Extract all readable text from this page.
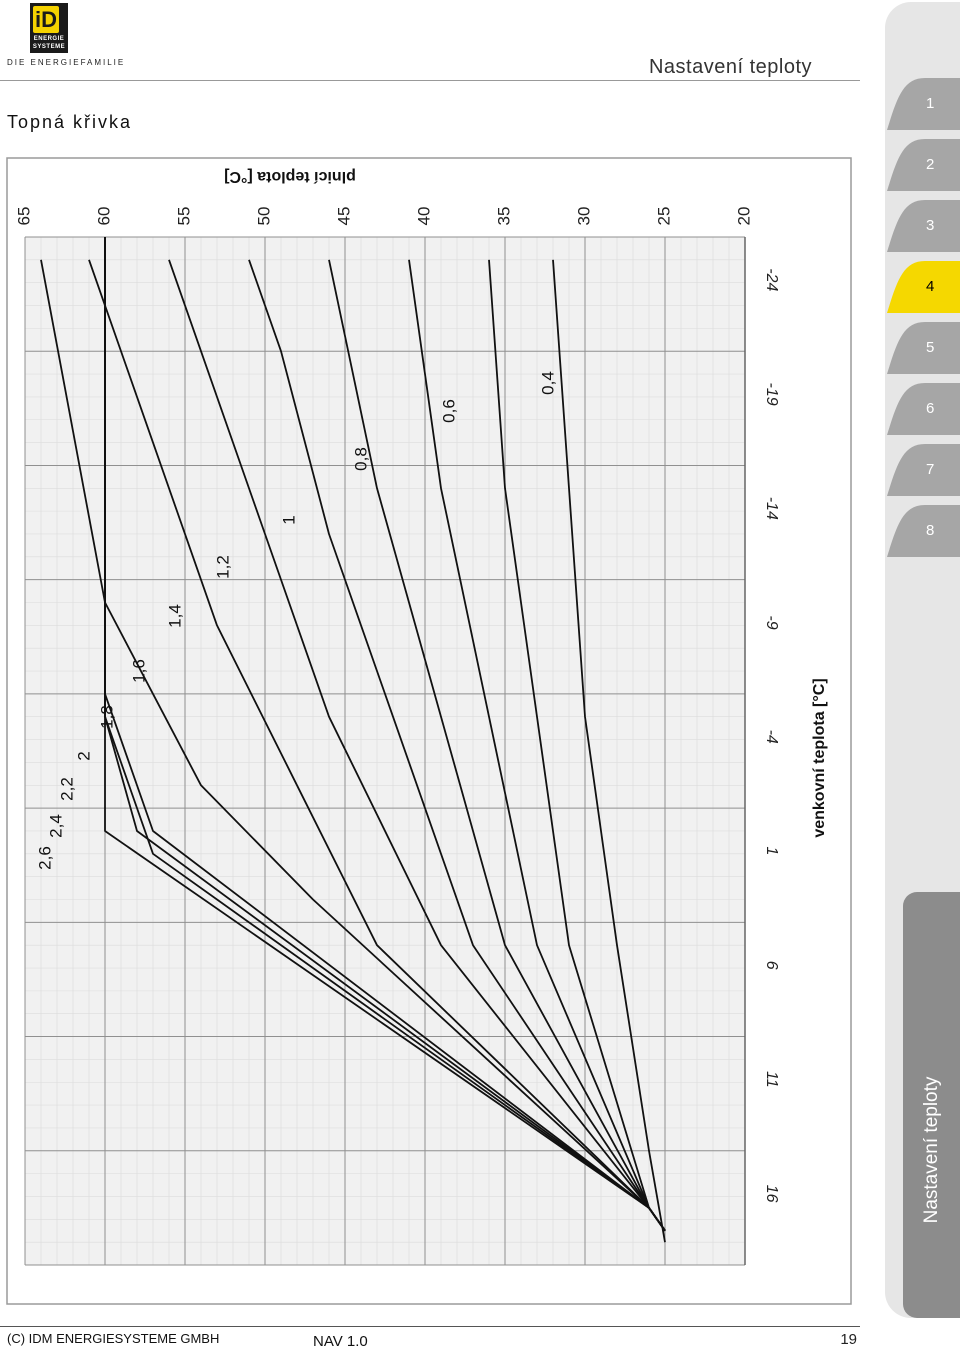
iD
ENERGIE
SYSTEME
DIE ENERGIEFAMILIE	Nastavení teploty
Topná křivka
1
2
3
4
5
6
7
8
Nastavení teploty
20
25
30
35
40
45
50
55
60
65
-24
-19
-14
-9
-4
1
6
11
16
plnicí teplota [°C]
venkovní teplota [°C]
2,6
2,4
2,2
2
1,8
1,6
1,4
1,2
1
0,8
0,6
0,4
(C) IDM ENERGIESYSTEME GMBH	NAV 1.0	19
